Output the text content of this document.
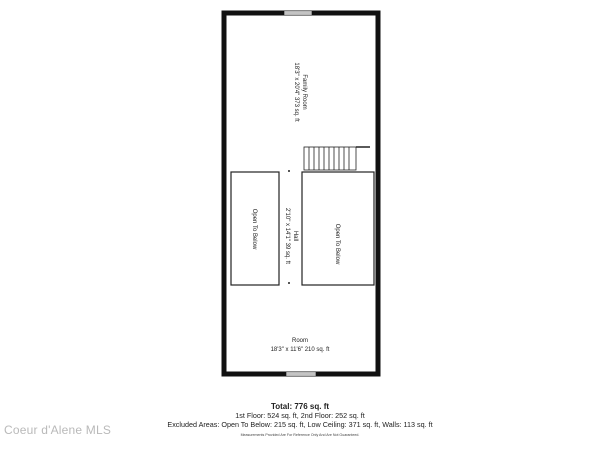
Family Room
18'3" x 20'4" 373 sq. ft
Hall
2'10" x 14'1" 39 sq. ft
Open To Below	Open To Below
Room
18'3" x 11'6" 210 sq. ft
Total: 776 sq. ft
1st Floor: 524 sq. ft, 2nd Floor: 252 sq. ft
Excluded Areas: Open To Below: 215 sq. ft, Low Ceiling: 371 sq. ft, Walls: 113 sq. ft
Measurements Provided Are For Reference Only And Are Not Guaranteed.
Coeur d'Alene MLS
